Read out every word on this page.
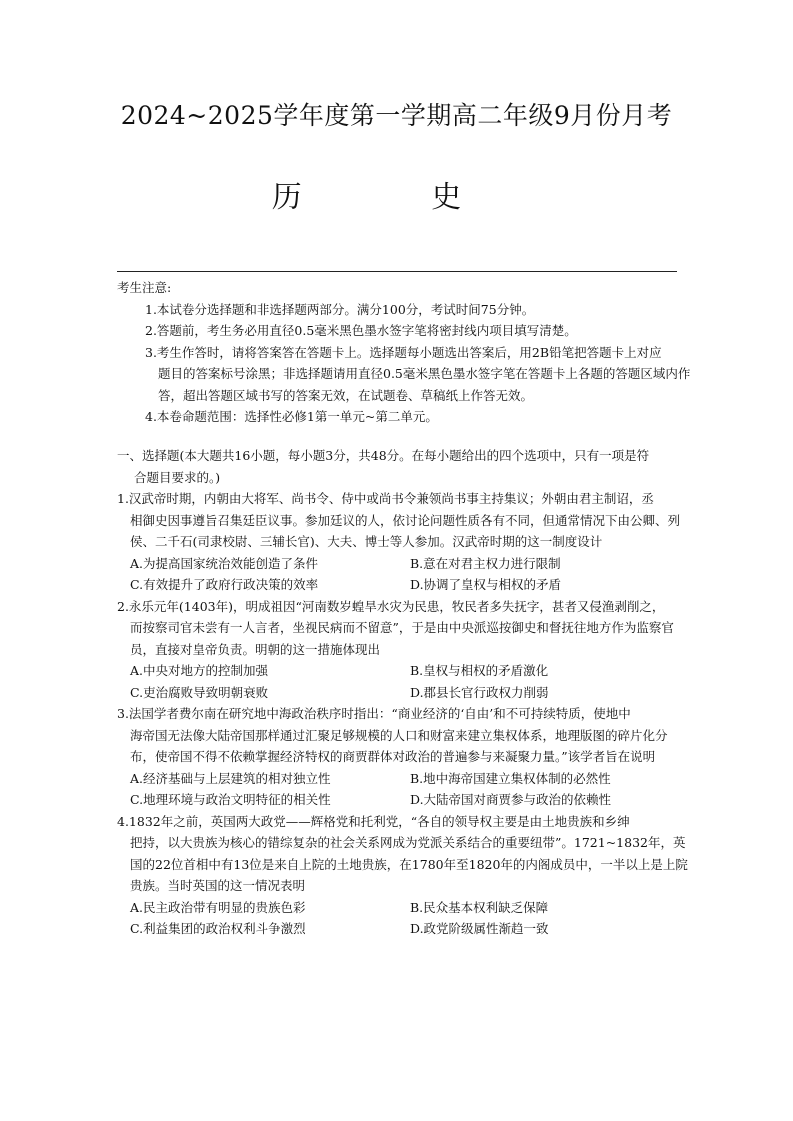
2024~2025学年度第一学期高二年级9月份月考
历 史
考生注意:
1.本试卷分选择题和非选择题两部分。满分100分，考试时间75分钟。
2.答题前，考生务必用直径0.5毫米黑色墨水签字笔将密封线内项目填写清楚。
3.考生作答时，请将答案答在答题卡上。选择题每小题选出答案后，用2B铅笔把答题卡上对应
题目的答案标号涂黑；非选择题请用直径0.5毫米黑色墨水签字笔在答题卡上各题的答题区域内作答，超出答题区域书写的答案无效，在试题卷、草稿纸上作答无效。
4.本卷命题范围：选择性必修1第一单元~第二单元。
一、选择题(本大题共16小题，每小题3分，共48分。在每小题给出的四个选项中，只有一项是符
合题目要求的。)
1.汉武帝时期，内朝由大将军、尚书令、侍中或尚书令兼领尚书事主持集议；外朝由君主制诏，丞
相御史因事遵旨召集廷臣议事。参加廷议的人，依讨论问题性质各有不同，但通常情况下由公卿、列侯、二千石(司隶校尉、三辅长官)、大夫、博士等人参加。汉武帝时期的这一制度设计
A.为提高国家统治效能创造了条件	B.意在对君主权力进行限制
C.有效提升了政府行政决策的效率	D.协调了皇权与相权的矛盾
2.永乐元年(1403年)，明成祖因“河南数岁蝗旱水灾为民患，牧民者多失抚字，甚者又侵渔剥削之，
而按察司官未尝有一人言者，坐视民病而不留意”，于是由中央派巡按御史和督抚往地方作为监察官员，直接对皇帝负责。明朝的这一措施体现出
A.中央对地方的控制加强	B.皇权与相权的矛盾激化
C.吏治腐败导致明朝衰败	D.郡县长官行政权力削弱
3.法国学者费尔南在研究地中海政治秩序时指出：“商业经济的‘自由’和不可持续特质，使地中
海帝国无法像大陆帝国那样通过汇聚足够规模的人口和财富来建立集权体系，地理版图的碎片化分布，使帝国不得不依赖掌握经济特权的商贾群体对政治的普遍参与来凝聚力量。”该学者旨在说明
A.经济基础与上层建筑的相对独立性	B.地中海帝国建立集权体制的必然性
C.地理环境与政治文明特征的相关性	D.大陆帝国对商贾参与政治的依赖性
4.1832年之前，英国两大政党——辉格党和托利党，“各自的领导权主要是由土地贵族和乡绅
把持，以大贵族为核心的错综复杂的社会关系网成为党派关系结合的重要纽带”。1721~1832年，英国的22位首相中有13位是来自上院的土地贵族，在1780年至1820年的内阁成员中，一半以上是上院贵族。当时英国的这一情况表明
A.民主政治带有明显的贵族色彩	B.民众基本权利缺乏保障
C.利益集团的政治权利斗争激烈	D.政党阶级属性渐趋一致
